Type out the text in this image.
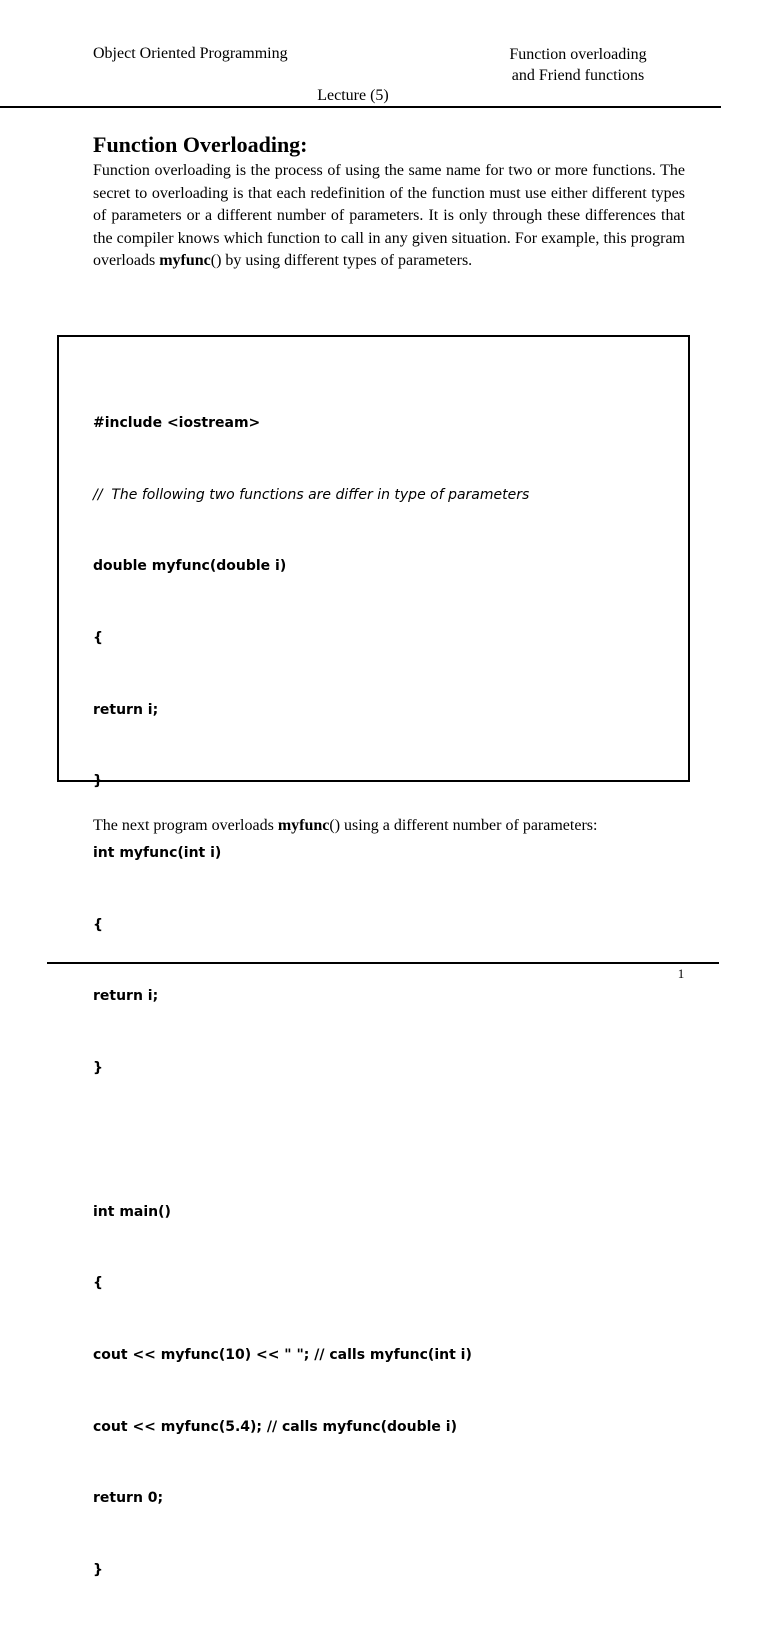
Object Oriented Programming	Function overloading
and Friend functions
Lecture (5)
Function Overloading:

Function overloading is the process of using the same name for two or more functions. The secret to overloading is that each redefinition of the function must use either different types of parameters or a different number of parameters. It is only through these differences that the compiler knows which function to call in any given situation. For example, this program overloads myfunc() by using different types of parameters.

#include <iostream>

//  The following two functions are differ in type of parameters

double myfunc(double i)

{

return i;

}

int myfunc(int i)

{

return i;

}

int main()

{

cout << myfunc(10) << " "; // calls myfunc(int i)

cout << myfunc(5.4); // calls myfunc(double i)

return 0;

}

The next program overloads myfunc() using a different number of parameters:

1
